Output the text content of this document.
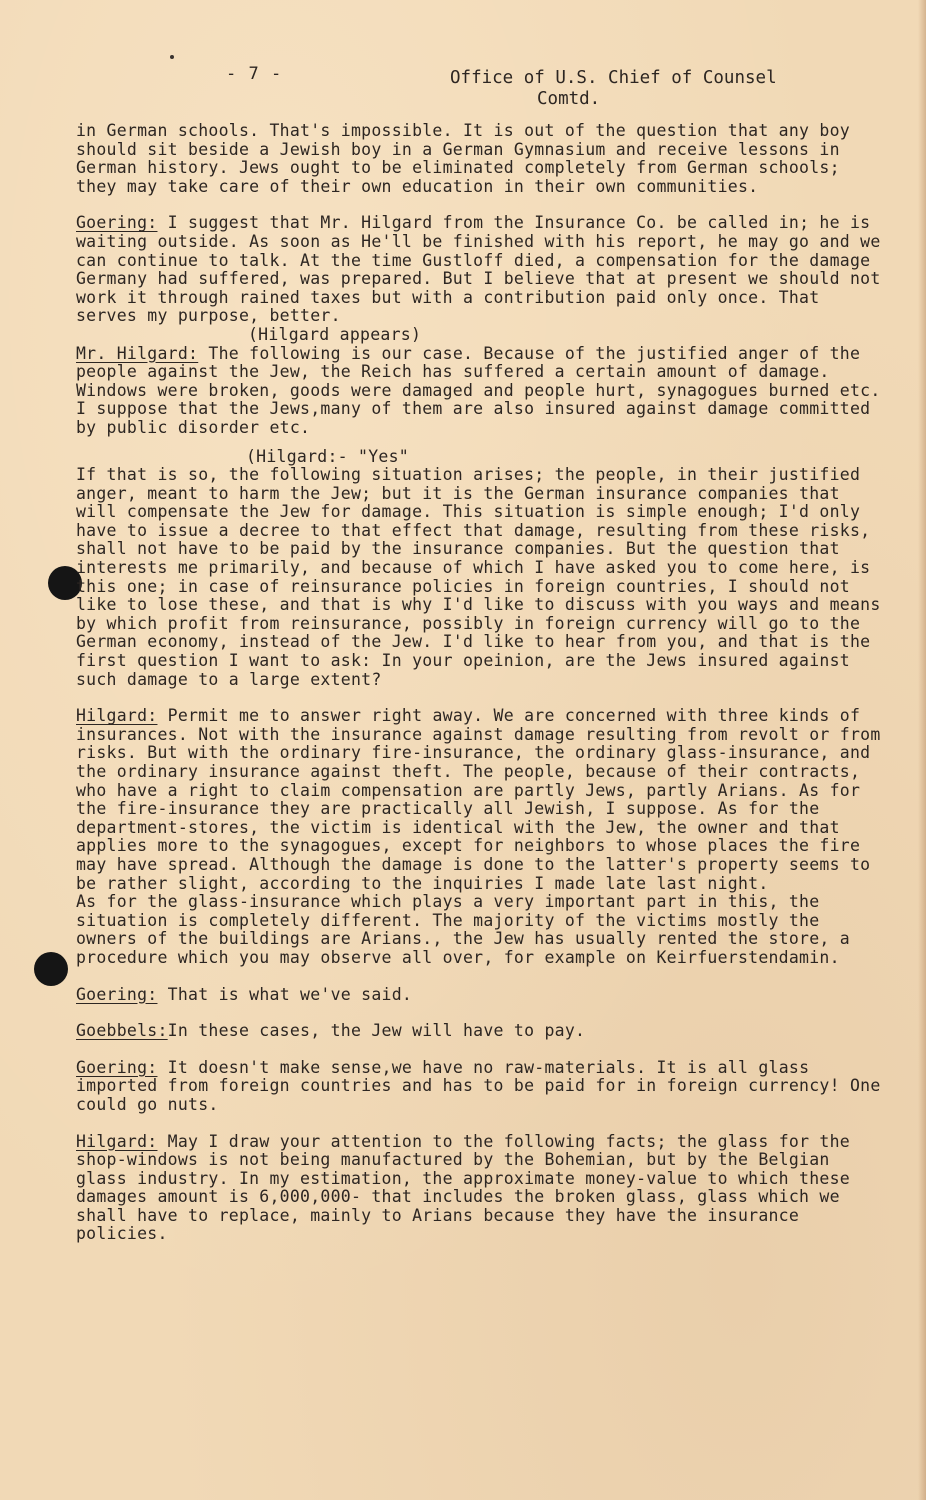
- 7 -	Office of U.S. Chief of Counsel
Comtd.

in German schools. That's impossible. It is out of the question that any boy should sit beside a Jewish boy in a German Gymnasium and receive lessons in German history. Jews ought to be eliminated completely from German schools; they may take care of their own education in their own communities.

Goering: I suggest that Mr. Hilgard from the Insurance Co. be called in; he is waiting outside. As soon as He'll be finished with his report, he may go and we can continue to talk. At the time Gustloff died, a compensation for the damage Germany had suffered, was prepared. But I believe that at present we should not work it through rained taxes but with a contribution paid only once. That serves my purpose, better.

(Hilgard appears)

Mr. Hilgard: The following is our case. Because of the justified anger of the people against the Jew, the Reich has suffered a certain amount of damage. Windows were broken, goods were damaged and people hurt, synagogues burned etc. I suppose that the Jews,many of them are also insured against damage committed by public disorder etc.

(Hilgard:- "Yes"

If that is so, the following situation arises; the people, in their justified anger, meant to harm the Jew; but it is the German insurance companies that will compensate the Jew for damage. This situation is simple enough; I'd only have to issue a decree to that effect that damage, resulting from these risks, shall not have to be paid by the insurance companies. But the question that interests me primarily, and because of which I have asked you to come here, is this one; in case of reinsurance policies in foreign countries, I should not like to lose these, and that is why I'd like to discuss with you ways and means by which profit from reinsurance, possibly in foreign currency will go to the German economy, instead of the Jew. I'd like to hear from you, and that is the first question I want to ask: In your opeinion, are the Jews insured against such damage to a large extent?

Hilgard: Permit me to answer right away. We are concerned with three kinds of insurances. Not with the insurance against damage resulting from revolt or from risks. But with the ordinary fire-insurance, the ordinary glass-insurance, and the ordinary insurance against theft. The people, because of their contracts, who have a right to claim compensation are partly Jews, partly Arians. As for the fire-insurance they are practically all Jewish, I suppose. As for the department-stores, the victim is identical with the Jew, the owner and that applies more to the synagogues, except for neighbors to whose places the fire may have spread. Although the damage is done to the latter's property seems to be rather slight, according to the inquiries I made late last night.

As for the glass-insurance which plays a very important part in this, the situation is completely different. The majority of the victims mostly the owners of the buildings are Arians., the Jew has usually rented the store, a procedure which you may observe all over, for example on Keirfuerstendamin.

Goering: That is what we've said.

Goebbels:In these cases, the Jew will have to pay.

Goering: It doesn't make sense,we have no raw-materials. It is all glass imported from foreign countries and has to be paid for in foreign currency! One could go nuts.

Hilgard: May I draw your attention to the following facts; the glass for the shop-windows is not being manufactured by the Bohemian, but by the Belgian glass industry. In my estimation, the approximate money-value to which these damages amount is 6,000,000- that includes the broken glass, glass which we shall have to replace, mainly to Arians because they have the insurance policies.
